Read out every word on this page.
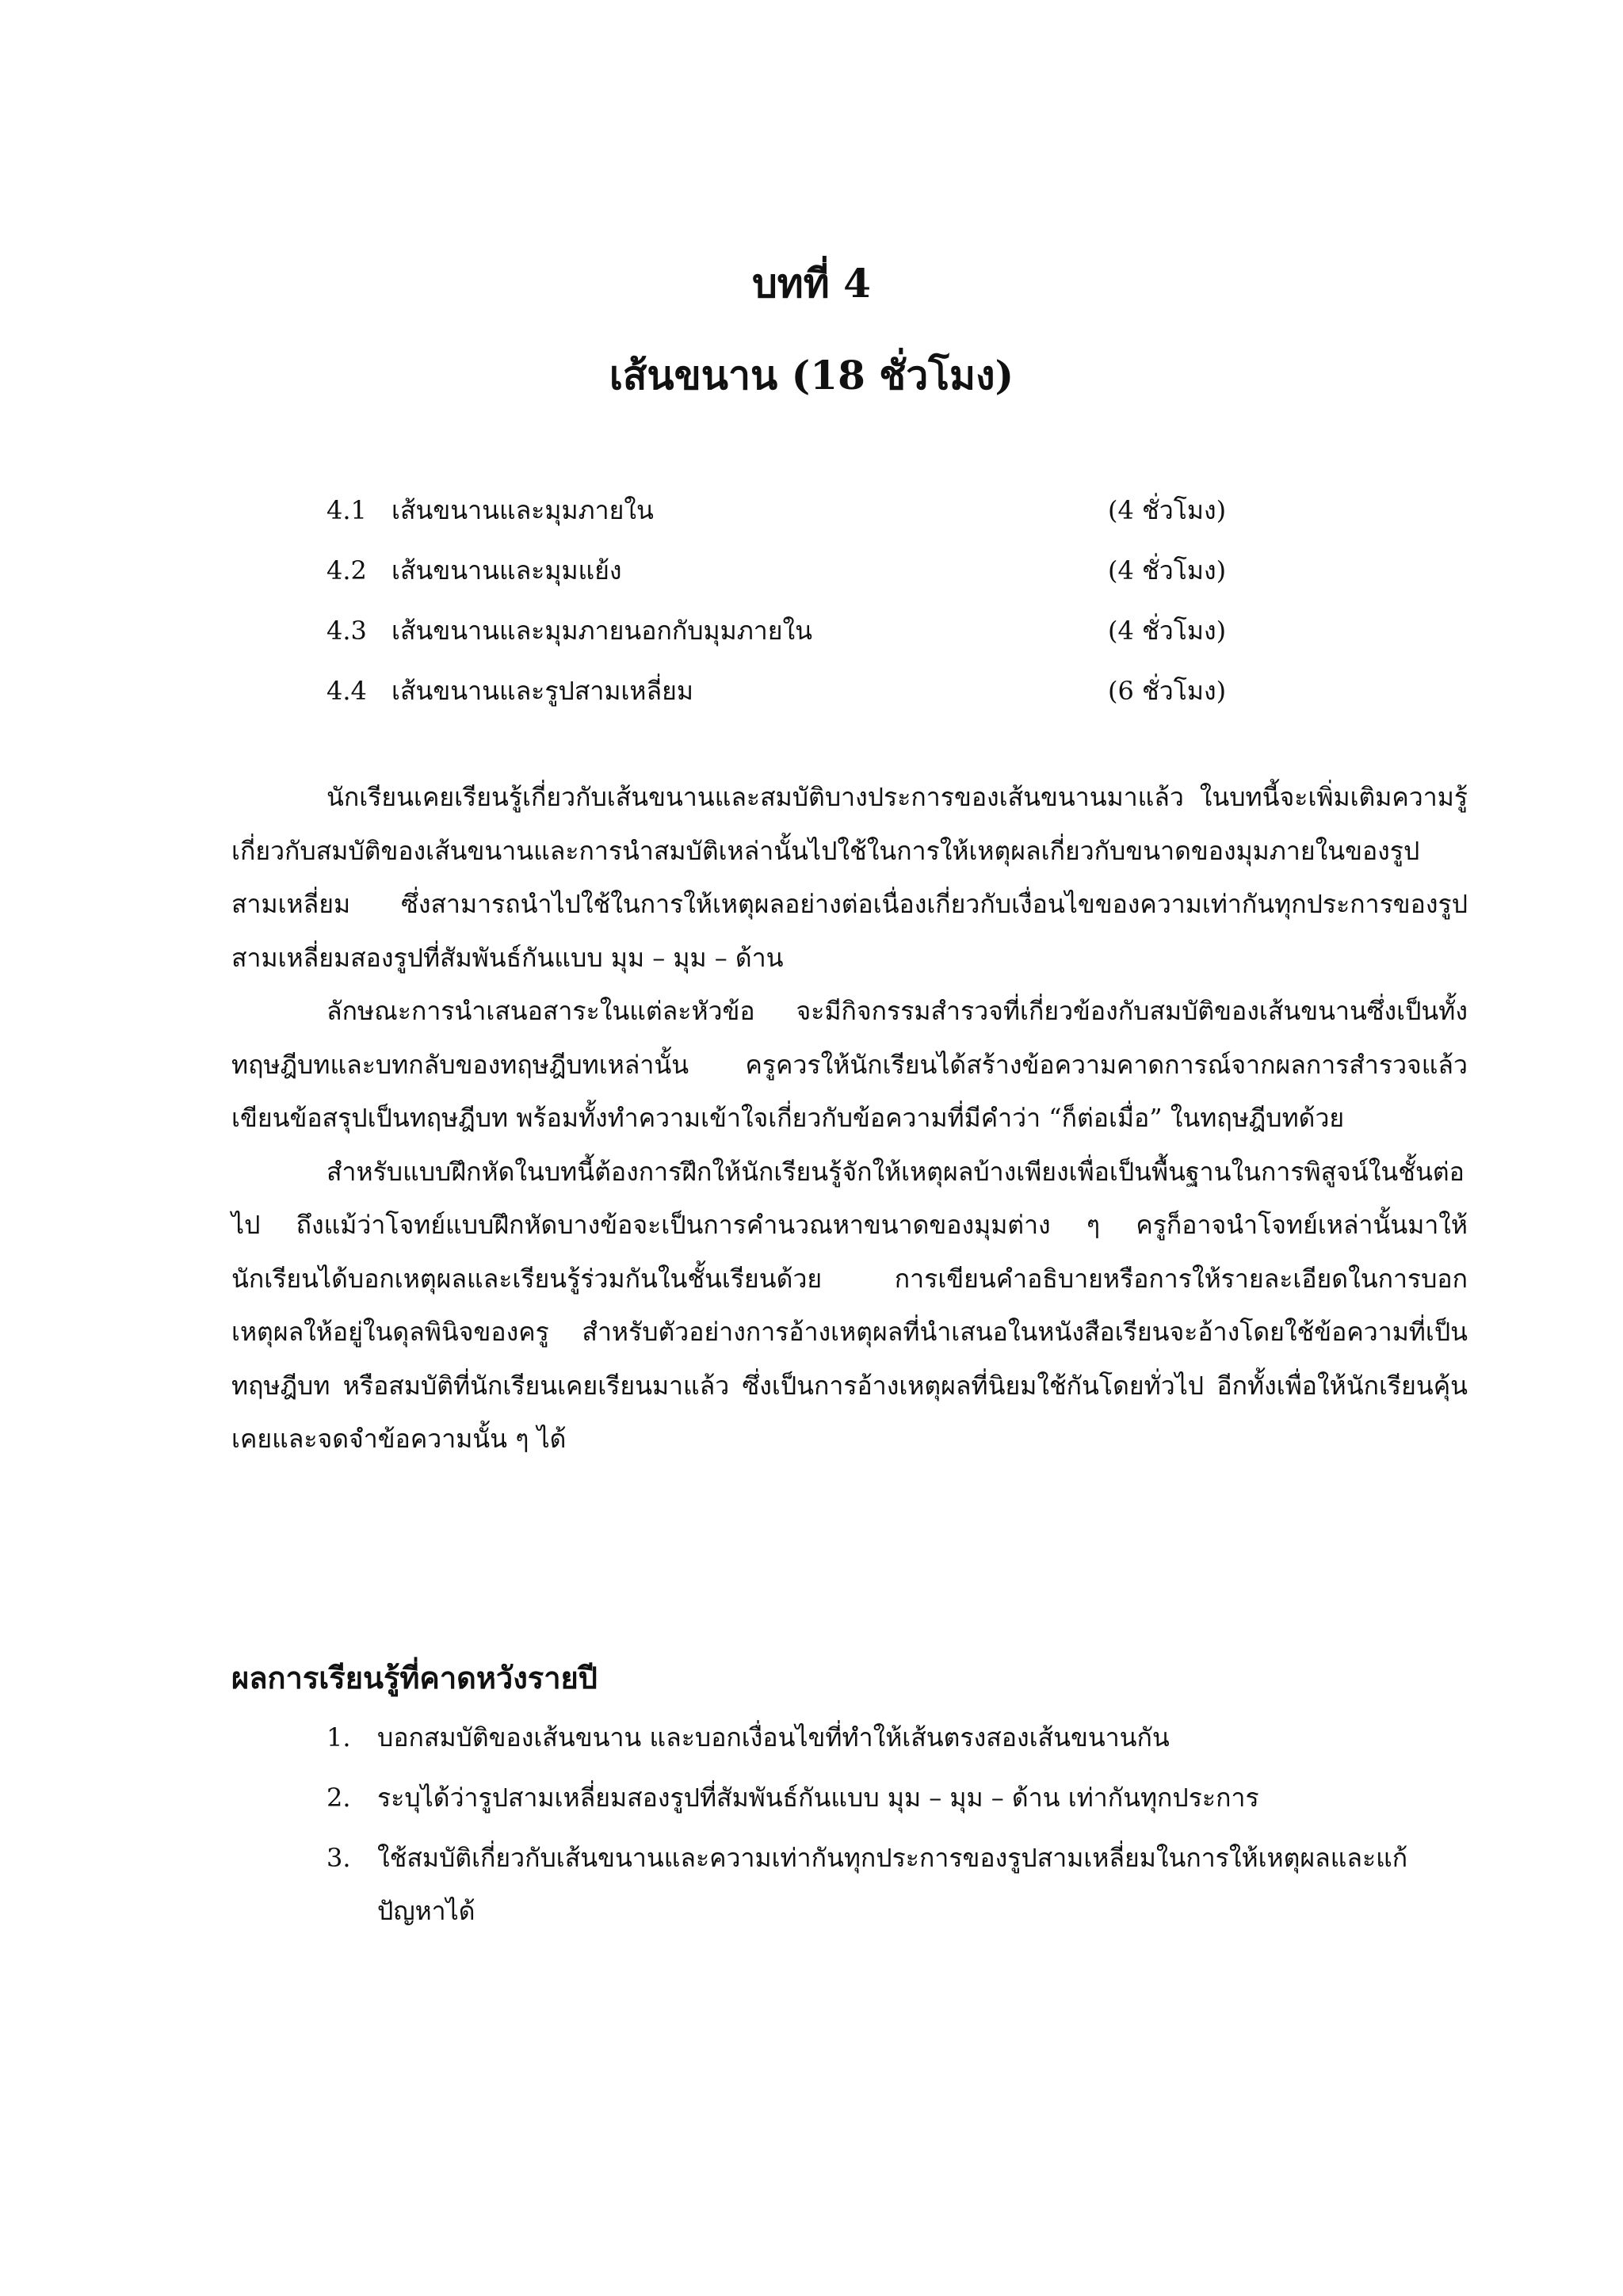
บทที่ 4
เส้นขนาน (18 ชั่วโมง)
4.1 เส้นขนานและมุมภายใน	(4 ชั่วโมง)
4.2 เส้นขนานและมุมแย้ง	(4 ชั่วโมง)
4.3 เส้นขนานและมุมภายนอกกับมุมภายใน	(4 ชั่วโมง)
4.4 เส้นขนานและรูปสามเหลี่ยม	(6 ชั่วโมง)

นักเรียนเคยเรียนรู้เกี่ยวกับเส้นขนานและสมบัติบางประการของเส้นขนานมาแล้ว ในบทนี้จะเพิ่มเติมความรู้เกี่ยวกับสมบัติของเส้นขนานและการนำสมบัติเหล่านั้นไปใช้ในการให้เหตุผลเกี่ยวกับขนาดของมุมภายในของรูปสามเหลี่ยม ซึ่งสามารถนำไปใช้ในการให้เหตุผลอย่างต่อเนื่องเกี่ยวกับเงื่อนไขของความเท่ากันทุกประการของรูปสามเหลี่ยมสองรูปที่สัมพันธ์กันแบบ มุม – มุม – ด้าน

ลักษณะการนำเสนอสาระในแต่ละหัวข้อ จะมีกิจกรรมสำรวจที่เกี่ยวข้องกับสมบัติของเส้นขนานซึ่งเป็นทั้งทฤษฎีบทและบทกลับของทฤษฎีบทเหล่านั้น ครูควรให้นักเรียนได้สร้างข้อความคาดการณ์จากผลการสำรวจแล้วเขียนข้อสรุปเป็นทฤษฎีบท พร้อมทั้งทำความเข้าใจเกี่ยวกับข้อความที่มีคำว่า “ก็ต่อเมื่อ” ในทฤษฎีบทด้วย

สำหรับแบบฝึกหัดในบทนี้ต้องการฝึกให้นักเรียนรู้จักให้เหตุผลบ้างเพียงเพื่อเป็นพื้นฐานในการพิสูจน์ในชั้นต่อไป ถึงแม้ว่าโจทย์แบบฝึกหัดบางข้อจะเป็นการคำนวณหาขนาดของมุมต่าง ๆ ครูก็อาจนำโจทย์เหล่านั้นมาให้นักเรียนได้บอกเหตุผลและเรียนรู้ร่วมกันในชั้นเรียนด้วย การเขียนคำอธิบายหรือการให้รายละเอียดในการบอกเหตุผลให้อยู่ในดุลพินิจของครู สำหรับตัวอย่างการอ้างเหตุผลที่นำเสนอในหนังสือเรียนจะอ้างโดยใช้ข้อความที่เป็นทฤษฎีบท หรือสมบัติที่นักเรียนเคยเรียนมาแล้ว ซึ่งเป็นการอ้างเหตุผลที่นิยมใช้กันโดยทั่วไป อีกทั้งเพื่อให้นักเรียนคุ้นเคยและจดจำข้อความนั้น ๆ ได้

ผลการเรียนรู้ที่คาดหวังรายปี
1. บอกสมบัติของเส้นขนาน และบอกเงื่อนไขที่ทำให้เส้นตรงสองเส้นขนานกัน
2. ระบุได้ว่ารูปสามเหลี่ยมสองรูปที่สัมพันธ์กันแบบ มุม – มุม – ด้าน เท่ากันทุกประการ
3. ใช้สมบัติเกี่ยวกับเส้นขนานและความเท่ากันทุกประการของรูปสามเหลี่ยมในการให้เหตุผลและแก้ปัญหาได้
